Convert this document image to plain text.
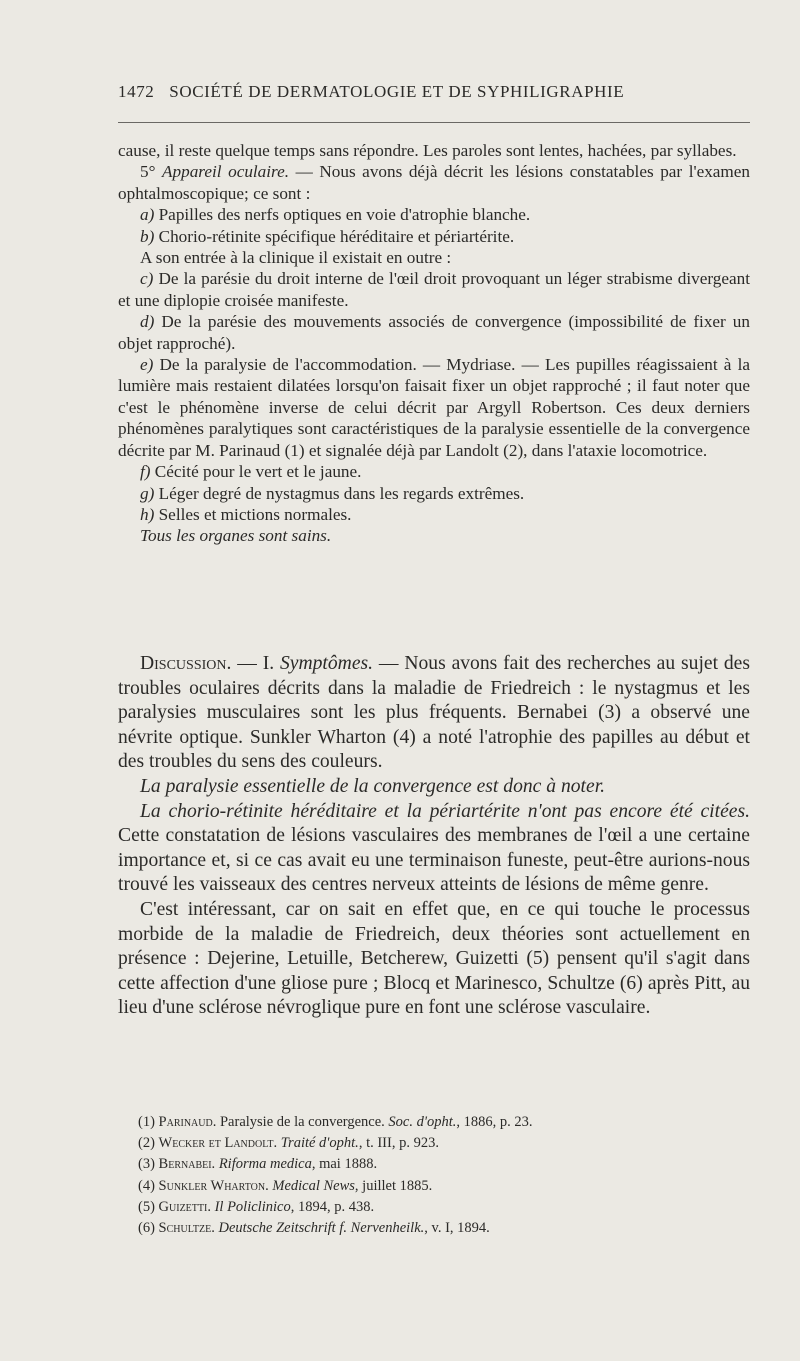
1472 SOCIÉTÉ DE DERMATOLOGIE ET DE SYPHILIGRAPHIE

cause, il reste quelque temps sans répondre. Les paroles sont lentes, hachées, par syllabes.

5° Appareil oculaire. — Nous avons déjà décrit les lésions constatables par l'examen ophtalmoscopique; ce sont :

a) Papilles des nerfs optiques en voie d'atrophie blanche.

b) Chorio-rétinite spécifique héréditaire et périartérite.

A son entrée à la clinique il existait en outre :

c) De la parésie du droit interne de l'œil droit provoquant un léger strabisme divergeant et une diplopie croisée manifeste.

d) De la parésie des mouvements associés de convergence (impossibilité de fixer un objet rapproché).

e) De la paralysie de l'accommodation. — Mydriase. — Les pupilles réagissaient à la lumière mais restaient dilatées lorsqu'on faisait fixer un objet rapproché ; il faut noter que c'est le phénomène inverse de celui décrit par Argyll Robertson. Ces deux derniers phénomènes paralytiques sont caractéristiques de la paralysie essentielle de la convergence décrite par M. Parinaud (1) et signalée déjà par Landolt (2), dans l'ataxie locomotrice.

f) Cécité pour le vert et le jaune.

g) Léger degré de nystagmus dans les regards extrêmes.

h) Selles et mictions normales.

Tous les organes sont sains.

Discussion. — I. Symptômes. — Nous avons fait des recherches au sujet des troubles oculaires décrits dans la maladie de Friedreich : le nystagmus et les paralysies musculaires sont les plus fréquents. Bernabei (3) a observé une névrite optique. Sunkler Wharton (4) a noté l'atrophie des papilles au début et des troubles du sens des couleurs.

La paralysie essentielle de la convergence est donc à noter.

La chorio-rétinite héréditaire et la périartérite n'ont pas encore été citées. Cette constatation de lésions vasculaires des membranes de l'œil a une certaine importance et, si ce cas avait eu une terminaison funeste, peut-être aurions-nous trouvé les vaisseaux des centres nerveux atteints de lésions de même genre.

C'est intéressant, car on sait en effet que, en ce qui touche le processus morbide de la maladie de Friedreich, deux théories sont actuellement en présence : Dejerine, Letuille, Betcherew, Guizetti (5) pensent qu'il s'agit dans cette affection d'une gliose pure ; Blocq et Marinesco, Schultze (6) après Pitt, au lieu d'une sclérose névroglique pure en font une sclérose vasculaire.

(1) Parinaud. Paralysie de la convergence. Soc. d'opht., 1886, p. 23.

(2) Wecker et Landolt. Traité d'opht., t. III, p. 923.

(3) Bernabei. Riforma medica, mai 1888.

(4) Sunkler Wharton. Medical News, juillet 1885.

(5) Guizetti. Il Policlinico, 1894, p. 438.

(6) Schultze. Deutsche Zeitschrift f. Nervenheilk., v. I, 1894.
